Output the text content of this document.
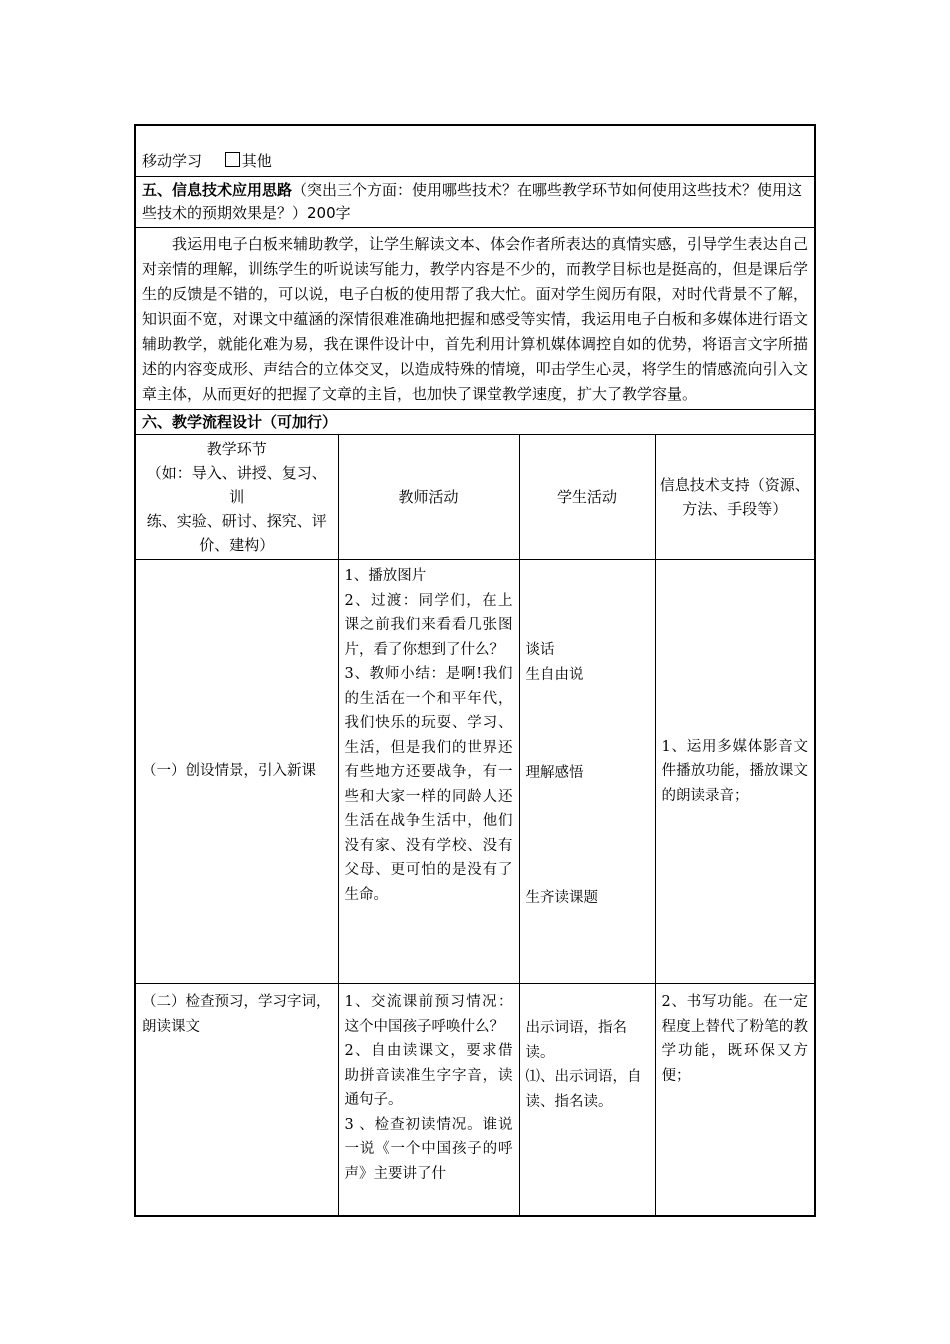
移动学习 其他			
五、信息技术应用思路（突出三个方面：使用哪些技术？在哪些教学环节如何使用这些技术？使用这些技术的预期效果是？）200字			
我运用电子白板来辅助教学，让学生解读文本、体会作者所表达的真情实感，引导学生表达自己对亲情的理解，训练学生的听说读写能力，教学内容是不少的，而教学目标也是挺高的，但是课后学生的反馈是不错的，可以说，电子白板的使用帮了我大忙。面对学生阅历有限，对时代背景不了解，知识面不宽，对课文中蕴涵的深情很难准确地把握和感受等实情，我运用电子白板和多媒体进行语文辅助教学，就能化难为易，我在课件设计中，首先利用计算机媒体调控自如的优势，将语言文字所描述的内容变成形、声结合的立体交叉，以造成特殊的情境，叩击学生心灵，将学生的情感流向引入文章主体，从而更好的把握了文章的主旨，也加快了课堂教学速度，扩大了教学容量。			
六、教学流程设计（可加行）			

教学环节
（如：导入、讲授、复习、训
练、实验、研讨、探究、评
价、建构）	教师活动	学生活动	信息技术支持（资源、方法、手段等）
（一）创设情景，引入新课	1、播放图片
2、过渡：同学们，在上课之前我们来看看几张图片，看了你想到了什么？
3、教师小结：是啊!我们的生活在一个和平年代，我们快乐的玩耍、学习、生活，但是我们的世界还有些地方还要战争，有一些和大家一样的同龄人还生活在战争生活中，他们没有家、没有学校、没有父母、更可怕的是没有了生命。	谈话
生自由说
理解感悟
生齐读课题	1、运用多媒体影音文件播放功能，播放课文的朗读录音；
（二）检查预习，学习字词，朗读课文	1、交流课前预习情况：这个中国孩子呼唤什么？
2、自由读课文，要求借助拼音读准生字字音，读通句子。
3 、检查初读情况。谁说一说《一个中国孩子的呼声》主要讲了什	出示词语，指名读。
⑴、出示词语，自读、指名读。	2、书写功能。在一定程度上替代了粉笔的教学功能，既环保又方便；
